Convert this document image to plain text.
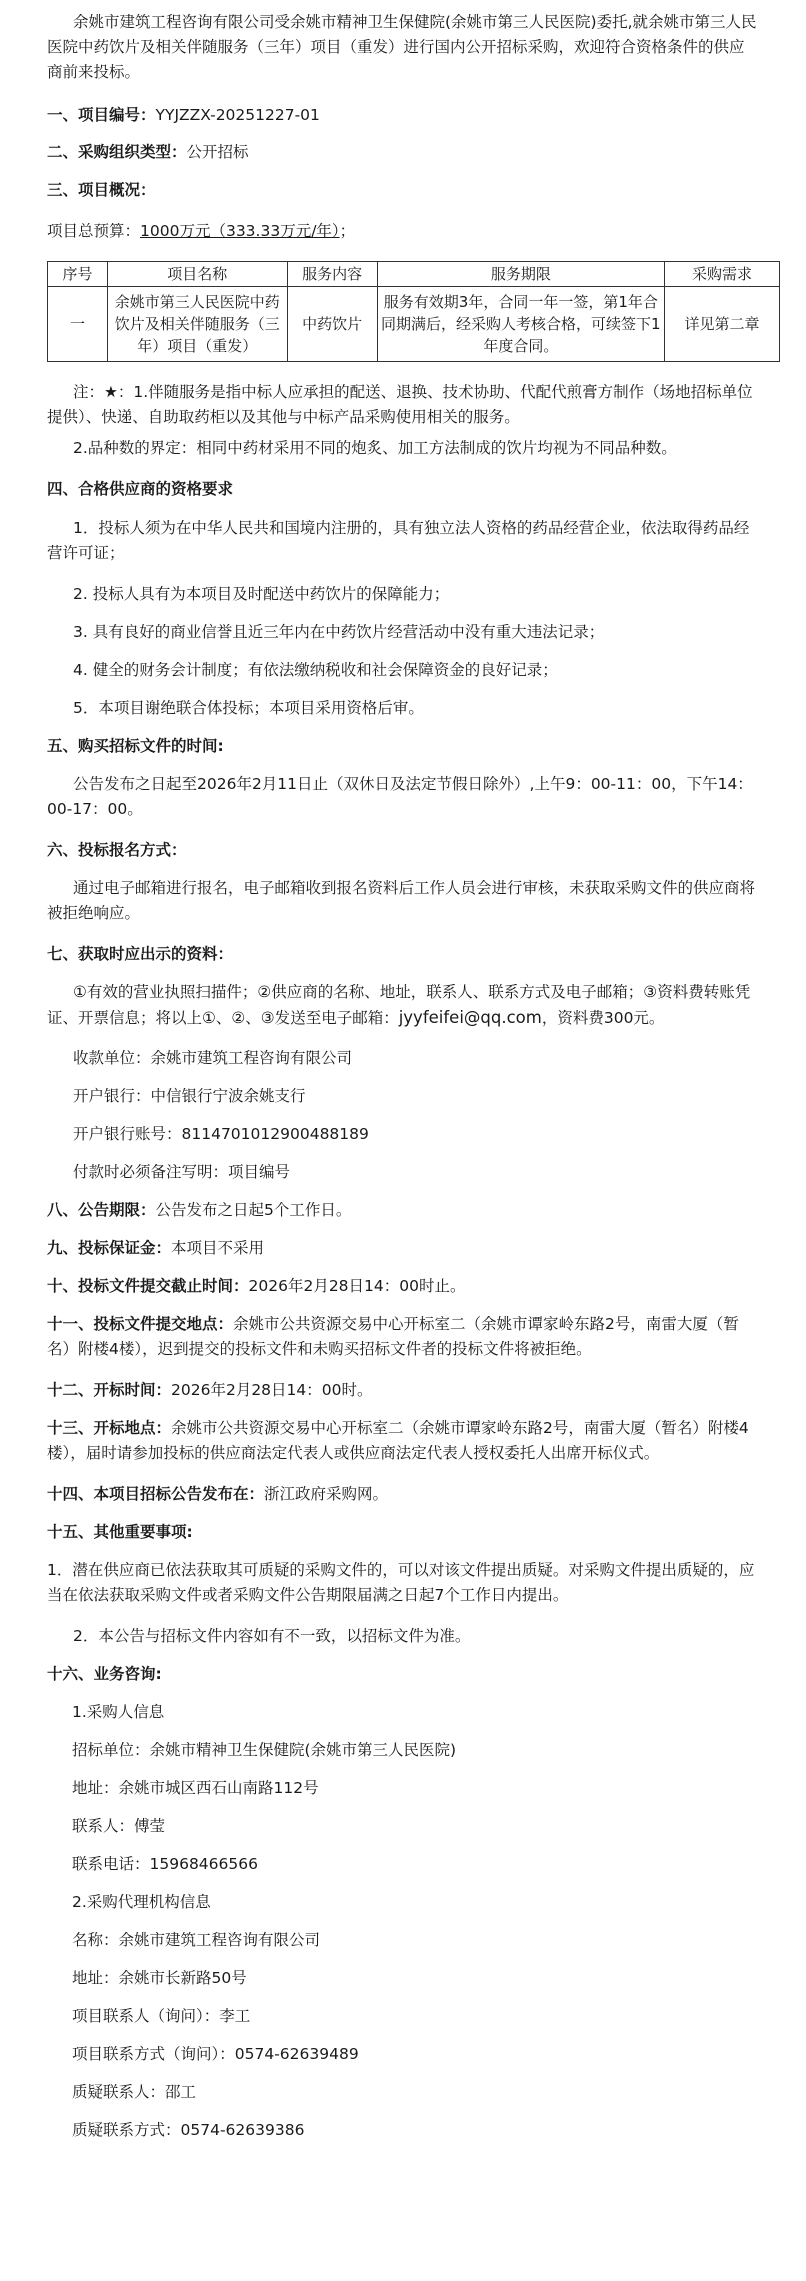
余姚市建筑工程咨询有限公司受余姚市精神卫生保健院(余姚市第三人民医院)委托,就余姚市第三人民医院中药饮片及相关伴随服务（三年）项目（重发）进行国内公开招标采购，欢迎符合资格条件的供应商前来投标。
一、项目编号：YYJZZX-20251227-01
二、采购组织类型：公开招标
三、项目概况：
项目总预算：1000万元（333.33万元/年）；
序号	项目名称	服务内容	服务期限	采购需求
一	余姚市第三人民医院中药饮片及相关伴随服务（三年）项目（重发）	中药饮片	服务有效期3年，合同一年一签，第1年合同期满后，经采购人考核合格，可续签下1年度合同。	详见第二章
注：★：1.伴随服务是指中标人应承担的配送、退换、技术协助、代配代煎膏方制作（场地招标单位提供）、快递、自助取药柜以及其他与中标产品采购使用相关的服务。
2.品种数的界定：相同中药材采用不同的炮炙、加工方法制成的饮片均视为不同品种数。
四、合格供应商的资格要求
1．投标人须为在中华人民共和国境内注册的，具有独立法人资格的药品经营企业，依法取得药品经营许可证；
2. 投标人具有为本项目及时配送中药饮片的保障能力；
3. 具有良好的商业信誉且近三年内在中药饮片经营活动中没有重大违法记录；
4. 健全的财务会计制度；有依法缴纳税收和社会保障资金的良好记录；
5．本项目谢绝联合体投标；本项目采用资格后审。
五、购买招标文件的时间:
公告发布之日起至2026年2月11日止（双休日及法定节假日除外）,上午9：00-11：00，下午14：00-17：00。
六、投标报名方式：
通过电子邮箱进行报名，电子邮箱收到报名资料后工作人员会进行审核，未获取采购文件的供应商将被拒绝响应。
七、获取时应出示的资料：
①有效的营业执照扫描件；②供应商的名称、地址，联系人、联系方式及电子邮箱；③资料费转账凭证、开票信息；将以上①、②、③发送至电子邮箱：jyyfeifei@qq.com，资料费300元。
收款单位：余姚市建筑工程咨询有限公司
开户银行：中信银行宁波余姚支行
开户银行账号：8114701012900488189
付款时必须备注写明：项目编号
八、公告期限：公告发布之日起5个工作日。
九、投标保证金：本项目不采用
十、投标文件提交截止时间：2026年2月28日14：00时止。
十一、投标文件提交地点：余姚市公共资源交易中心开标室二（余姚市谭家岭东路2号，南雷大厦（暂名）附楼4楼），迟到提交的投标文件和未购买招标文件者的投标文件将被拒绝。
十二、开标时间：2026年2月28日14：00时。
十三、开标地点：余姚市公共资源交易中心开标室二（余姚市谭家岭东路2号，南雷大厦（暂名）附楼4楼），届时请参加投标的供应商法定代表人或供应商法定代表人授权委托人出席开标仪式。
十四、本项目招标公告发布在：浙江政府采购网。
十五、其他重要事项:
1．潜在供应商已依法获取其可质疑的采购文件的，可以对该文件提出质疑。对采购文件提出质疑的，应当在依法获取采购文件或者采购文件公告期限届满之日起7个工作日内提出。
2．本公告与招标文件内容如有不一致，以招标文件为准。
十六、业务咨询:
1.采购人信息
招标单位：余姚市精神卫生保健院(余姚市第三人民医院)
地址：余姚市城区西石山南路112号
联系人：傅莹
联系电话：15968466566
2.采购代理机构信息
名称：余姚市建筑工程咨询有限公司
地址：余姚市长新路50号
项目联系人（询问）：李工
项目联系方式（询问）：0574-62639489
质疑联系人：邵工
质疑联系方式：0574-62639386
